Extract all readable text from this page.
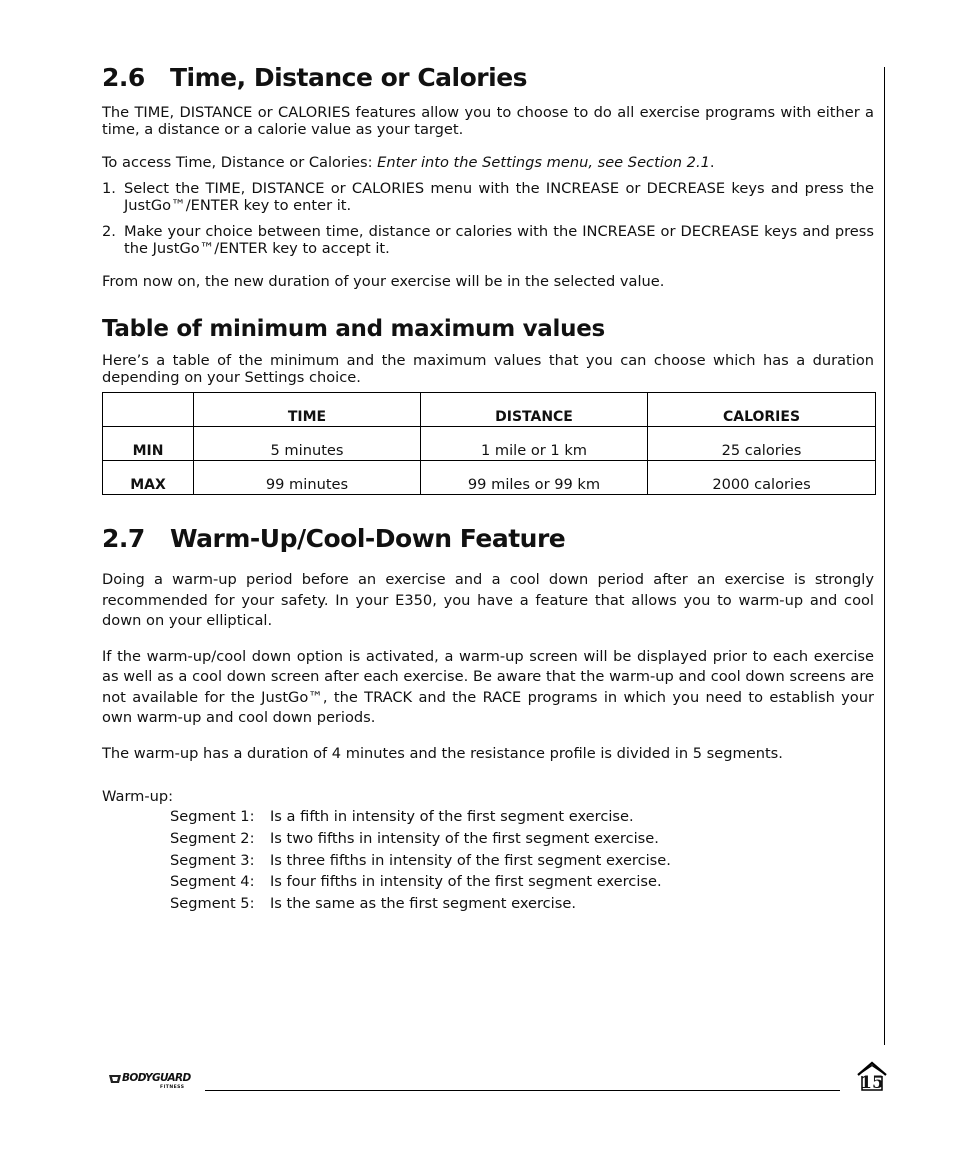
2.6 Time, Distance or Calories

The TIME, DISTANCE or CALORIES features allow you to choose to do all exercise programs with either a time, a distance or a calorie value as your target.

To access Time, Distance or Calories: Enter into the Settings menu, see Section 2.1.

1. Select the TIME, DISTANCE or CALORIES menu with the INCREASE or DECREASE keys and press the JustGo™/ENTER key to enter it.
2. Make your choice between time, distance or calories with the INCREASE or DECREASE keys and press the JustGo™/ENTER key to accept it.

From now on, the new duration of your exercise will be in the selected value.

Table of minimum and maximum values

Here’s a table of the minimum and the maximum values that you can choose which has a duration depending on your Settings choice.

	TIME	DISTANCE	CALORIES
MIN	5 minutes	1 mile or 1 km	25 calories
MAX	99 minutes	99 miles or 99 km	2000 calories
2.7 Warm-Up/Cool-Down Feature

Doing a warm-up period before an exercise and a cool down period after an exercise is strongly recommended for your safety. In your E350, you have a feature that allows you to warm-up and cool down on your elliptical.

If the warm-up/cool down option is activated, a warm-up screen will be displayed prior to each exercise as well as a cool down screen after each exercise. Be aware that the warm-up and cool down screens are not available for the JustGo™, the TRACK and the RACE programs in which you need to establish your own warm-up and cool down periods.

The warm-up has a duration of 4 minutes and the resistance profile is divided in 5 segments.

Warm-up:

Segment 1: Is a fifth in intensity of the first segment exercise.
Segment 2: Is two fifths in intensity of the first segment exercise.
Segment 3: Is three fifths in intensity of the first segment exercise.
Segment 4: Is four fifths in intensity of the first segment exercise.
Segment 5: Is the same as the first segment exercise.
BODYGUARD
FITNESS	15
